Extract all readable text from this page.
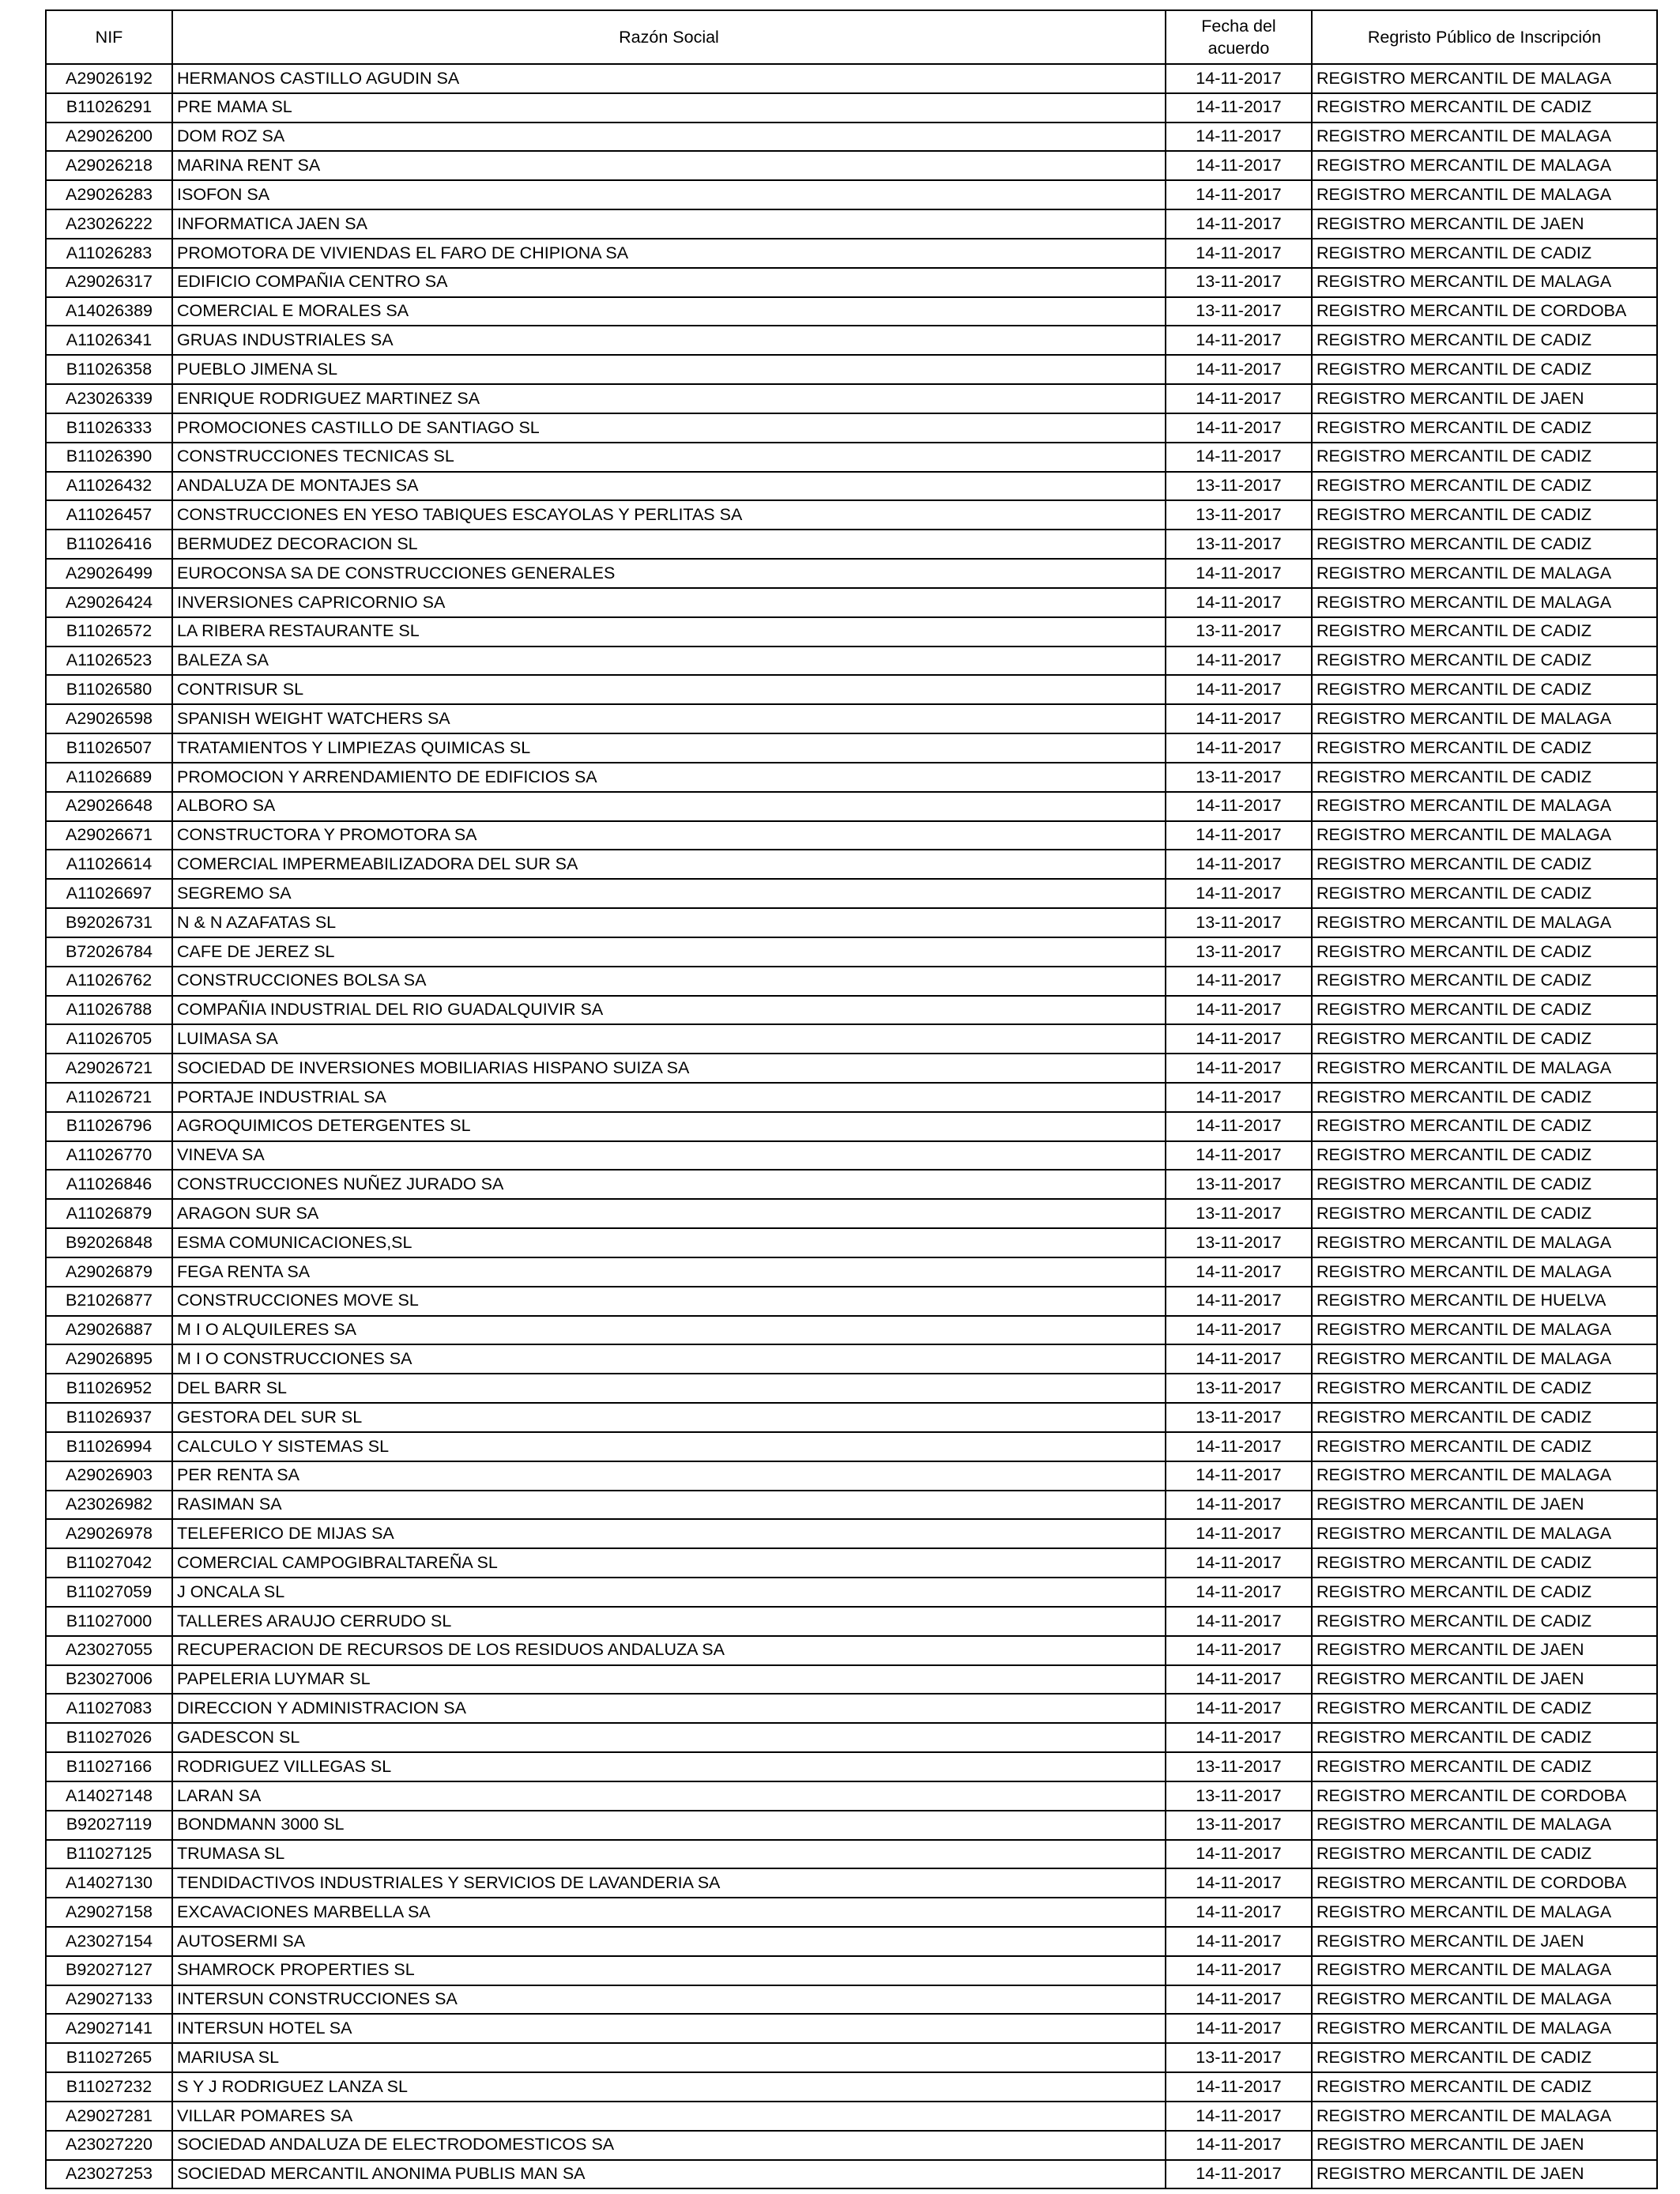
NIF	Razón Social	Fecha del acuerdo	Regristo Público de Inscripción
A29026192	HERMANOS CASTILLO AGUDIN SA	14-11-2017	REGISTRO MERCANTIL DE MALAGA
B11026291	PRE MAMA SL	14-11-2017	REGISTRO MERCANTIL DE CADIZ
A29026200	DOM ROZ SA	14-11-2017	REGISTRO MERCANTIL DE MALAGA
A29026218	MARINA RENT SA	14-11-2017	REGISTRO MERCANTIL DE MALAGA
A29026283	ISOFON SA	14-11-2017	REGISTRO MERCANTIL DE MALAGA
A23026222	INFORMATICA JAEN SA	14-11-2017	REGISTRO MERCANTIL DE JAEN
A11026283	PROMOTORA DE VIVIENDAS EL FARO DE CHIPIONA SA	14-11-2017	REGISTRO MERCANTIL DE CADIZ
A29026317	EDIFICIO COMPAÑIA CENTRO SA	13-11-2017	REGISTRO MERCANTIL DE MALAGA
A14026389	COMERCIAL E MORALES SA	13-11-2017	REGISTRO MERCANTIL DE CORDOBA
A11026341	GRUAS INDUSTRIALES SA	14-11-2017	REGISTRO MERCANTIL DE CADIZ
B11026358	PUEBLO JIMENA SL	14-11-2017	REGISTRO MERCANTIL DE CADIZ
A23026339	ENRIQUE RODRIGUEZ MARTINEZ SA	14-11-2017	REGISTRO MERCANTIL DE JAEN
B11026333	PROMOCIONES CASTILLO DE SANTIAGO SL	14-11-2017	REGISTRO MERCANTIL DE CADIZ
B11026390	CONSTRUCCIONES TECNICAS SL	14-11-2017	REGISTRO MERCANTIL DE CADIZ
A11026432	ANDALUZA DE MONTAJES SA	13-11-2017	REGISTRO MERCANTIL DE CADIZ
A11026457	CONSTRUCCIONES EN YESO TABIQUES ESCAYOLAS Y PERLITAS SA	13-11-2017	REGISTRO MERCANTIL DE CADIZ
B11026416	BERMUDEZ DECORACION SL	13-11-2017	REGISTRO MERCANTIL DE CADIZ
A29026499	EUROCONSA SA DE CONSTRUCCIONES GENERALES	14-11-2017	REGISTRO MERCANTIL DE MALAGA
A29026424	INVERSIONES CAPRICORNIO SA	14-11-2017	REGISTRO MERCANTIL DE MALAGA
B11026572	LA RIBERA RESTAURANTE SL	13-11-2017	REGISTRO MERCANTIL DE CADIZ
A11026523	BALEZA SA	14-11-2017	REGISTRO MERCANTIL DE CADIZ
B11026580	CONTRISUR SL	14-11-2017	REGISTRO MERCANTIL DE CADIZ
A29026598	SPANISH WEIGHT WATCHERS SA	14-11-2017	REGISTRO MERCANTIL DE MALAGA
B11026507	TRATAMIENTOS Y LIMPIEZAS QUIMICAS SL	14-11-2017	REGISTRO MERCANTIL DE CADIZ
A11026689	PROMOCION Y ARRENDAMIENTO DE EDIFICIOS SA	13-11-2017	REGISTRO MERCANTIL DE CADIZ
A29026648	ALBORO SA	14-11-2017	REGISTRO MERCANTIL DE MALAGA
A29026671	CONSTRUCTORA Y PROMOTORA SA	14-11-2017	REGISTRO MERCANTIL DE MALAGA
A11026614	COMERCIAL IMPERMEABILIZADORA DEL SUR SA	14-11-2017	REGISTRO MERCANTIL DE CADIZ
A11026697	SEGREMO SA	14-11-2017	REGISTRO MERCANTIL DE CADIZ
B92026731	N & N AZAFATAS SL	13-11-2017	REGISTRO MERCANTIL DE MALAGA
B72026784	CAFE DE JEREZ SL	13-11-2017	REGISTRO MERCANTIL DE CADIZ
A11026762	CONSTRUCCIONES BOLSA SA	14-11-2017	REGISTRO MERCANTIL DE CADIZ
A11026788	COMPAÑIA INDUSTRIAL DEL RIO GUADALQUIVIR SA	14-11-2017	REGISTRO MERCANTIL DE CADIZ
A11026705	LUIMASA SA	14-11-2017	REGISTRO MERCANTIL DE CADIZ
A29026721	SOCIEDAD DE INVERSIONES MOBILIARIAS HISPANO SUIZA SA	14-11-2017	REGISTRO MERCANTIL DE MALAGA
A11026721	PORTAJE INDUSTRIAL SA	14-11-2017	REGISTRO MERCANTIL DE CADIZ
B11026796	AGROQUIMICOS DETERGENTES SL	14-11-2017	REGISTRO MERCANTIL DE CADIZ
A11026770	VINEVA SA	14-11-2017	REGISTRO MERCANTIL DE CADIZ
A11026846	CONSTRUCCIONES NUÑEZ JURADO SA	13-11-2017	REGISTRO MERCANTIL DE CADIZ
A11026879	ARAGON SUR SA	13-11-2017	REGISTRO MERCANTIL DE CADIZ
B92026848	ESMA COMUNICACIONES,SL	13-11-2017	REGISTRO MERCANTIL DE MALAGA
A29026879	FEGA RENTA SA	14-11-2017	REGISTRO MERCANTIL DE MALAGA
B21026877	CONSTRUCCIONES MOVE SL	14-11-2017	REGISTRO MERCANTIL DE HUELVA
A29026887	M I O ALQUILERES SA	14-11-2017	REGISTRO MERCANTIL DE MALAGA
A29026895	M I O CONSTRUCCIONES SA	14-11-2017	REGISTRO MERCANTIL DE MALAGA
B11026952	DEL BARR SL	13-11-2017	REGISTRO MERCANTIL DE CADIZ
B11026937	GESTORA DEL SUR SL	13-11-2017	REGISTRO MERCANTIL DE CADIZ
B11026994	CALCULO Y SISTEMAS SL	14-11-2017	REGISTRO MERCANTIL DE CADIZ
A29026903	PER RENTA SA	14-11-2017	REGISTRO MERCANTIL DE MALAGA
A23026982	RASIMAN SA	14-11-2017	REGISTRO MERCANTIL DE JAEN
A29026978	TELEFERICO DE MIJAS SA	14-11-2017	REGISTRO MERCANTIL DE MALAGA
B11027042	COMERCIAL CAMPOGIBRALTAREÑA SL	14-11-2017	REGISTRO MERCANTIL DE CADIZ
B11027059	J ONCALA SL	14-11-2017	REGISTRO MERCANTIL DE CADIZ
B11027000	TALLERES ARAUJO CERRUDO SL	14-11-2017	REGISTRO MERCANTIL DE CADIZ
A23027055	RECUPERACION DE RECURSOS DE LOS RESIDUOS ANDALUZA SA	14-11-2017	REGISTRO MERCANTIL DE JAEN
B23027006	PAPELERIA LUYMAR SL	14-11-2017	REGISTRO MERCANTIL DE JAEN
A11027083	DIRECCION Y ADMINISTRACION SA	14-11-2017	REGISTRO MERCANTIL DE CADIZ
B11027026	GADESCON SL	14-11-2017	REGISTRO MERCANTIL DE CADIZ
B11027166	RODRIGUEZ VILLEGAS SL	13-11-2017	REGISTRO MERCANTIL DE CADIZ
A14027148	LARAN SA	13-11-2017	REGISTRO MERCANTIL DE CORDOBA
B92027119	BONDMANN 3000 SL	13-11-2017	REGISTRO MERCANTIL DE MALAGA
B11027125	TRUMASA SL	14-11-2017	REGISTRO MERCANTIL DE CADIZ
A14027130	TENDIDACTIVOS INDUSTRIALES Y SERVICIOS DE LAVANDERIA SA	14-11-2017	REGISTRO MERCANTIL DE CORDOBA
A29027158	EXCAVACIONES MARBELLA SA	14-11-2017	REGISTRO MERCANTIL DE MALAGA
A23027154	AUTOSERMI SA	14-11-2017	REGISTRO MERCANTIL DE JAEN
B92027127	SHAMROCK PROPERTIES SL	14-11-2017	REGISTRO MERCANTIL DE MALAGA
A29027133	INTERSUN CONSTRUCCIONES SA	14-11-2017	REGISTRO MERCANTIL DE MALAGA
A29027141	INTERSUN HOTEL SA	14-11-2017	REGISTRO MERCANTIL DE MALAGA
B11027265	MARIUSA SL	13-11-2017	REGISTRO MERCANTIL DE CADIZ
B11027232	S Y J RODRIGUEZ LANZA SL	14-11-2017	REGISTRO MERCANTIL DE CADIZ
A29027281	VILLAR POMARES SA	14-11-2017	REGISTRO MERCANTIL DE MALAGA
A23027220	SOCIEDAD ANDALUZA DE ELECTRODOMESTICOS SA	14-11-2017	REGISTRO MERCANTIL DE JAEN
A23027253	SOCIEDAD MERCANTIL ANONIMA PUBLIS MAN SA	14-11-2017	REGISTRO MERCANTIL DE JAEN
